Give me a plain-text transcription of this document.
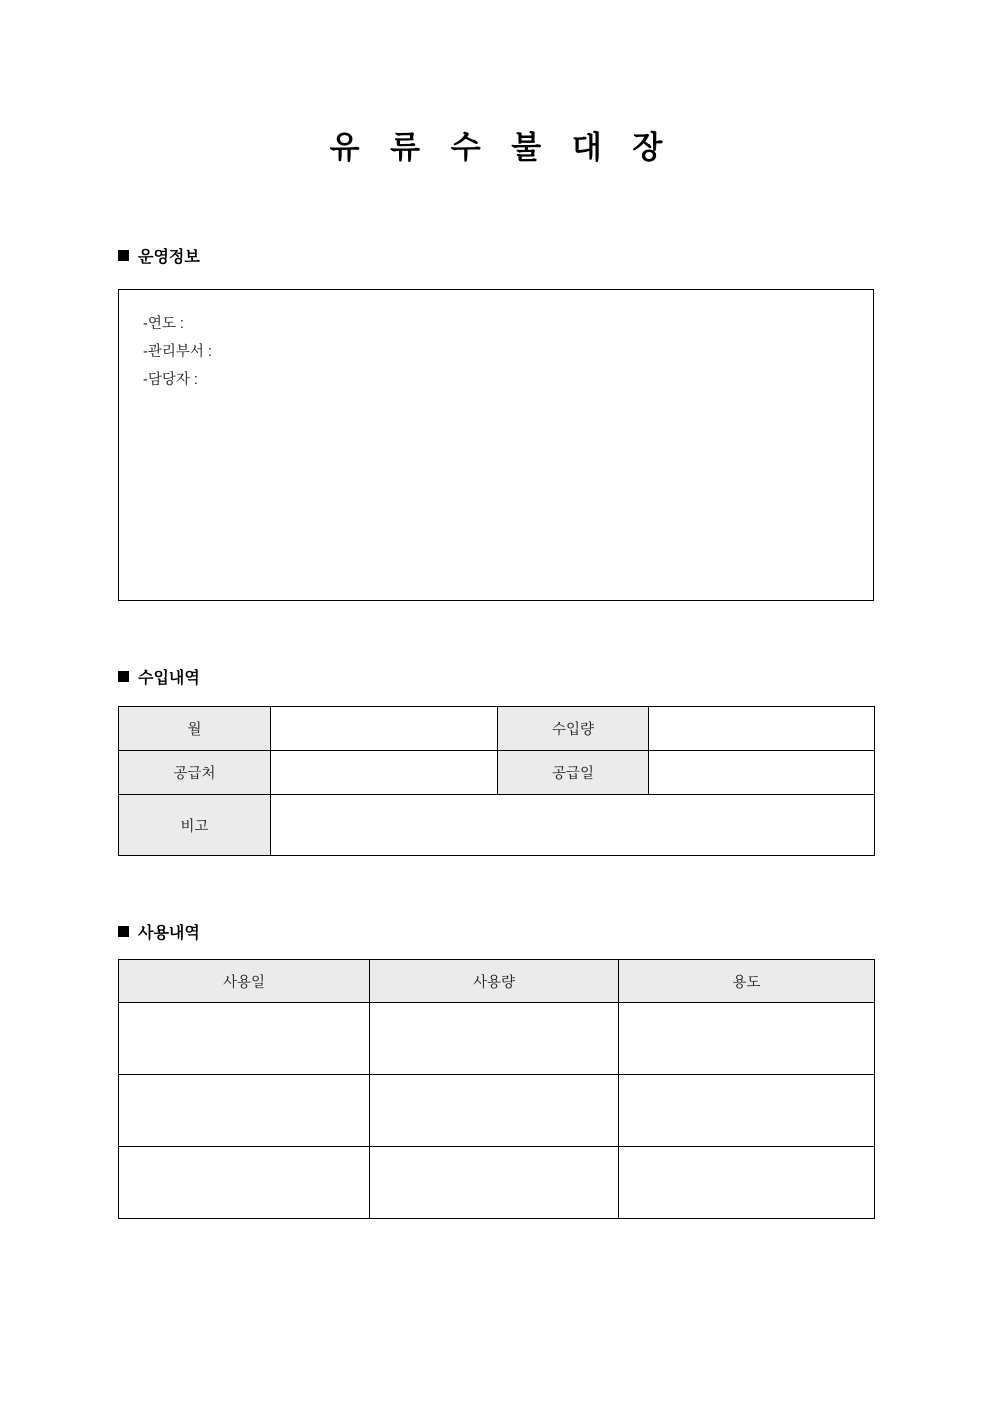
유 류 수 불 대 장
운영정보
-연도 :
-관리부서 :
-담당자 :
수입내역
월		수입량	
공급처		공급일	
비고			
사용내역
사용일	사용량	용도
